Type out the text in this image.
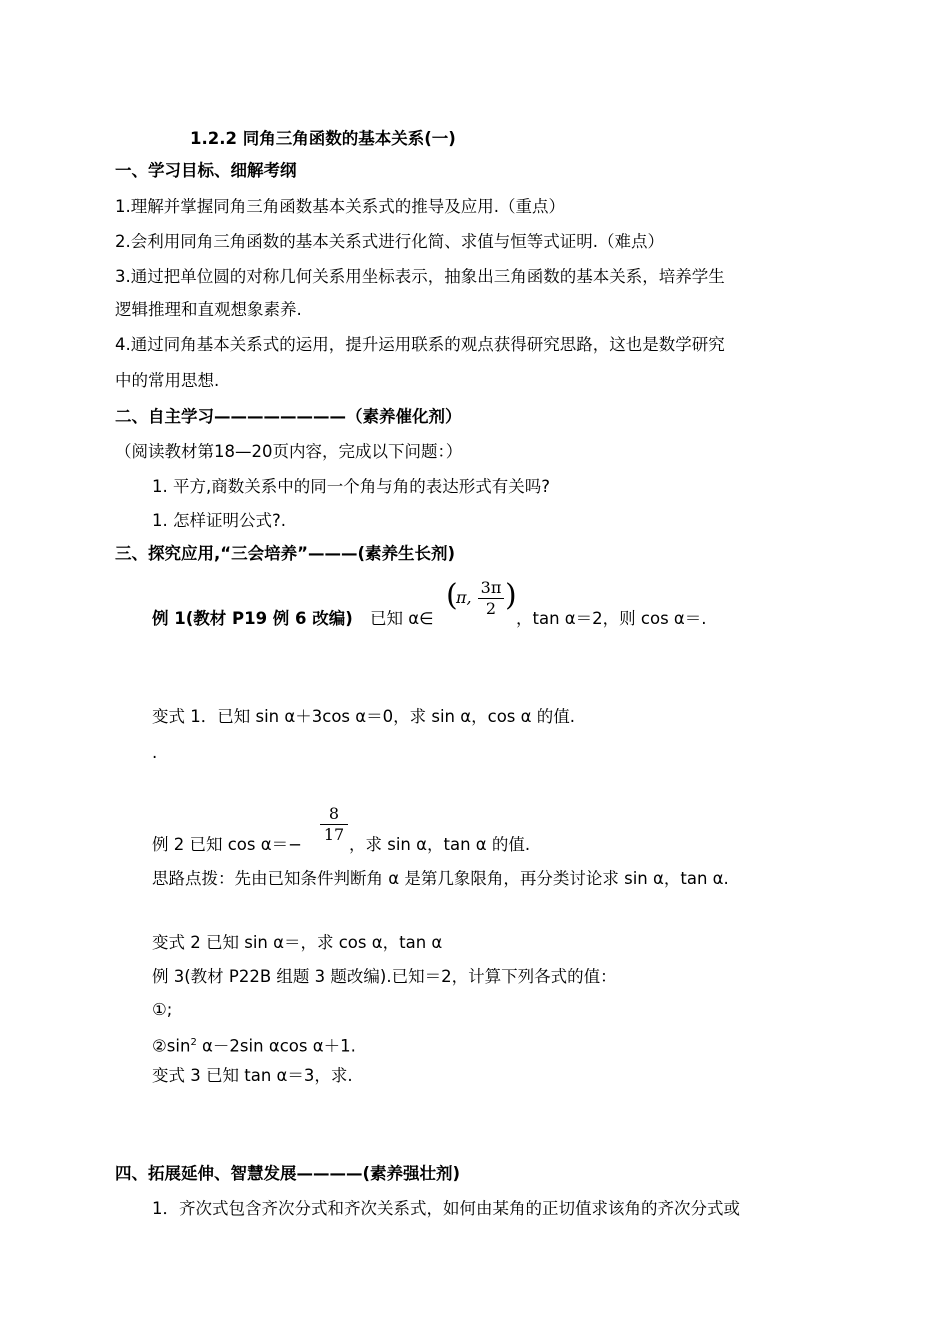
1.2.2 同角三角函数的基本关系(一)
一、学习目标、细解考纲
1.理解并掌握同角三角函数基本关系式的推导及应用.（重点）
2.会利用同角三角函数的基本关系式进行化简、求值与恒等式证明.（难点）
3.通过把单位圆的对称几何关系用坐标表示，抽象出三角函数的基本关系，培养学生
逻辑推理和直观想象素养.
4.通过同角基本关系式的运用，提升运用联系的观点获得研究思路，这也是数学研究
中的常用思想.
二、自主学习————————（素养催化剂）
（阅读教材第18—20页内容，完成以下问题：）
1. 平方,商数关系中的同一个角与角的表达形式有关吗?
1. 怎样证明公式?.
三、探究应用,“三会培养”———(素养生长剂)
例 1(教材 P19 例 6 改编) 已知 α∈
(
π,
3π
2 )
，tan α＝2，则 cos α＝.
变式 1．已知 sin α＋3cos α＝0，求 sin α，cos α 的值.
.
8
17
例 2 已知 cos α＝−	，求 sin α，tan α 的值.
思路点拨：先由已知条件判断角 α 是第几象限角，再分类讨论求 sin α，tan α.
变式 2 已知 sin α＝，求 cos α，tan α
例 3(教材 P22B 组题 3 题改编).已知＝2，计算下列各式的值：
①;
$②\sin^2$ α－2sin αcos α＋1.
变式 3 已知 tan α＝3，求.
四、拓展延伸、智慧发展————(素养强壮剂)
1．齐次式包含齐次分式和齐次关系式，如何由某角的正切值求该角的齐次分式或
